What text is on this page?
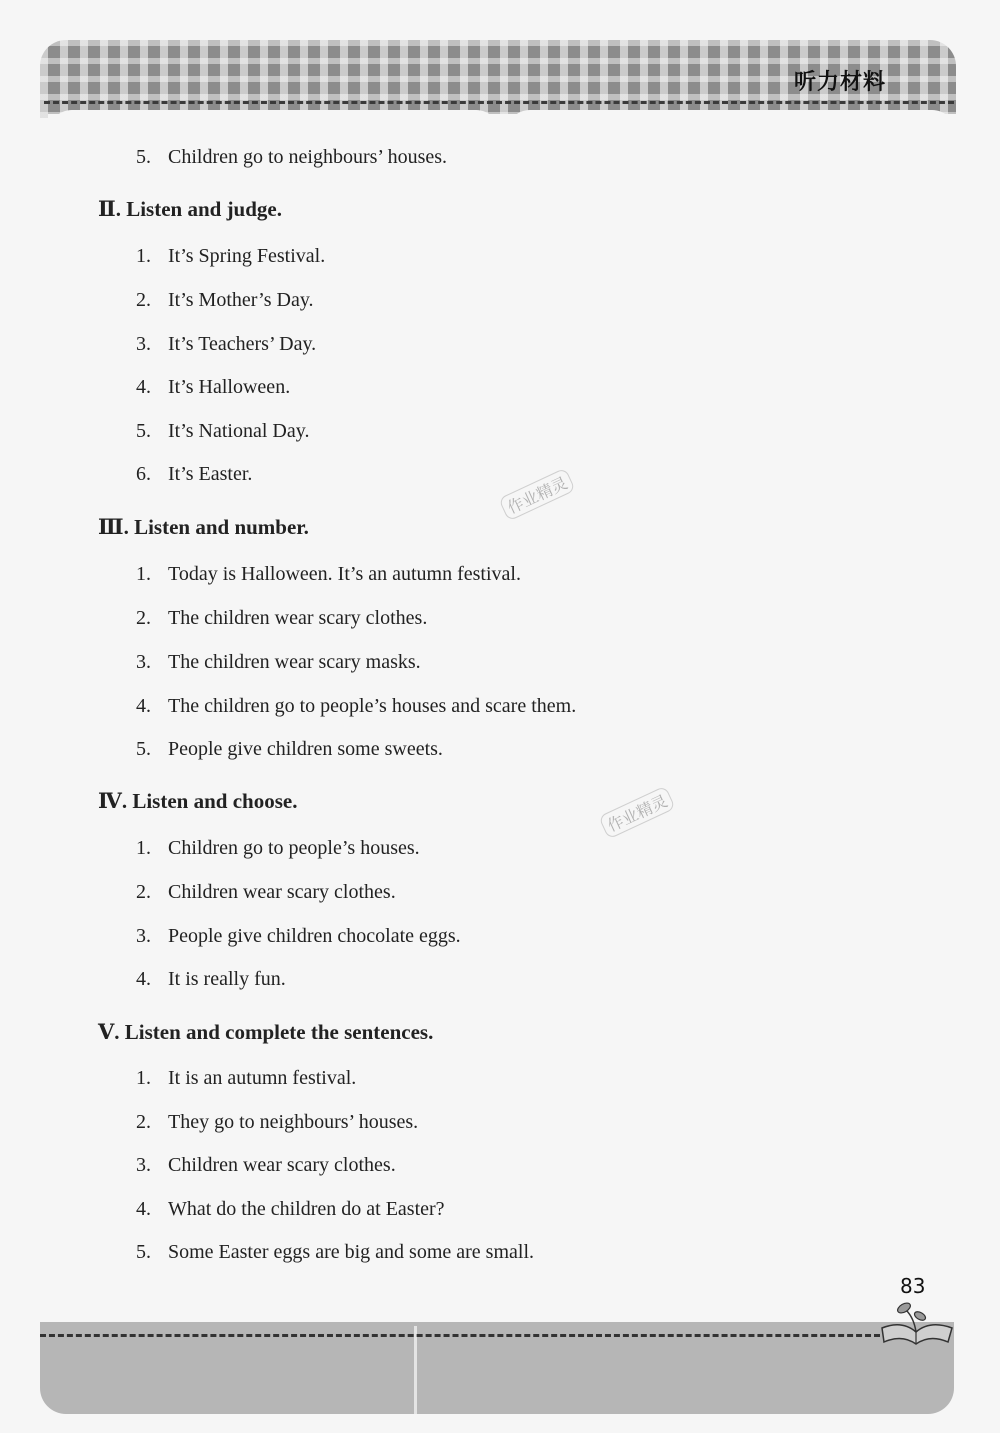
听力材料
5. Children go to neighbours’ houses.
Ⅱ. Listen and judge.
1. It’s Spring Festival.
2. It’s Mother’s Day.
3. It’s Teachers’ Day.
4. It’s Halloween.
5. It’s National Day.
6. It’s Easter.
Ⅲ. Listen and number.
1. Today is Halloween. It’s an autumn festival.
2. The children wear scary clothes.
3. The children wear scary masks.
4. The children go to people’s houses and scare them.
5. People give children some sweets.
Ⅳ. Listen and choose.
1. Children go to people’s houses.
2. Children wear scary clothes.
3. People give children chocolate eggs.
4. It is really fun.
Ⅴ. Listen and complete the sentences.
1. It is an autumn festival.
2. They go to neighbours’ houses.
3. Children wear scary clothes.
4. What do the children do at Easter?
5. Some Easter eggs are big and some are small.
作业精灵
作业精灵
83
